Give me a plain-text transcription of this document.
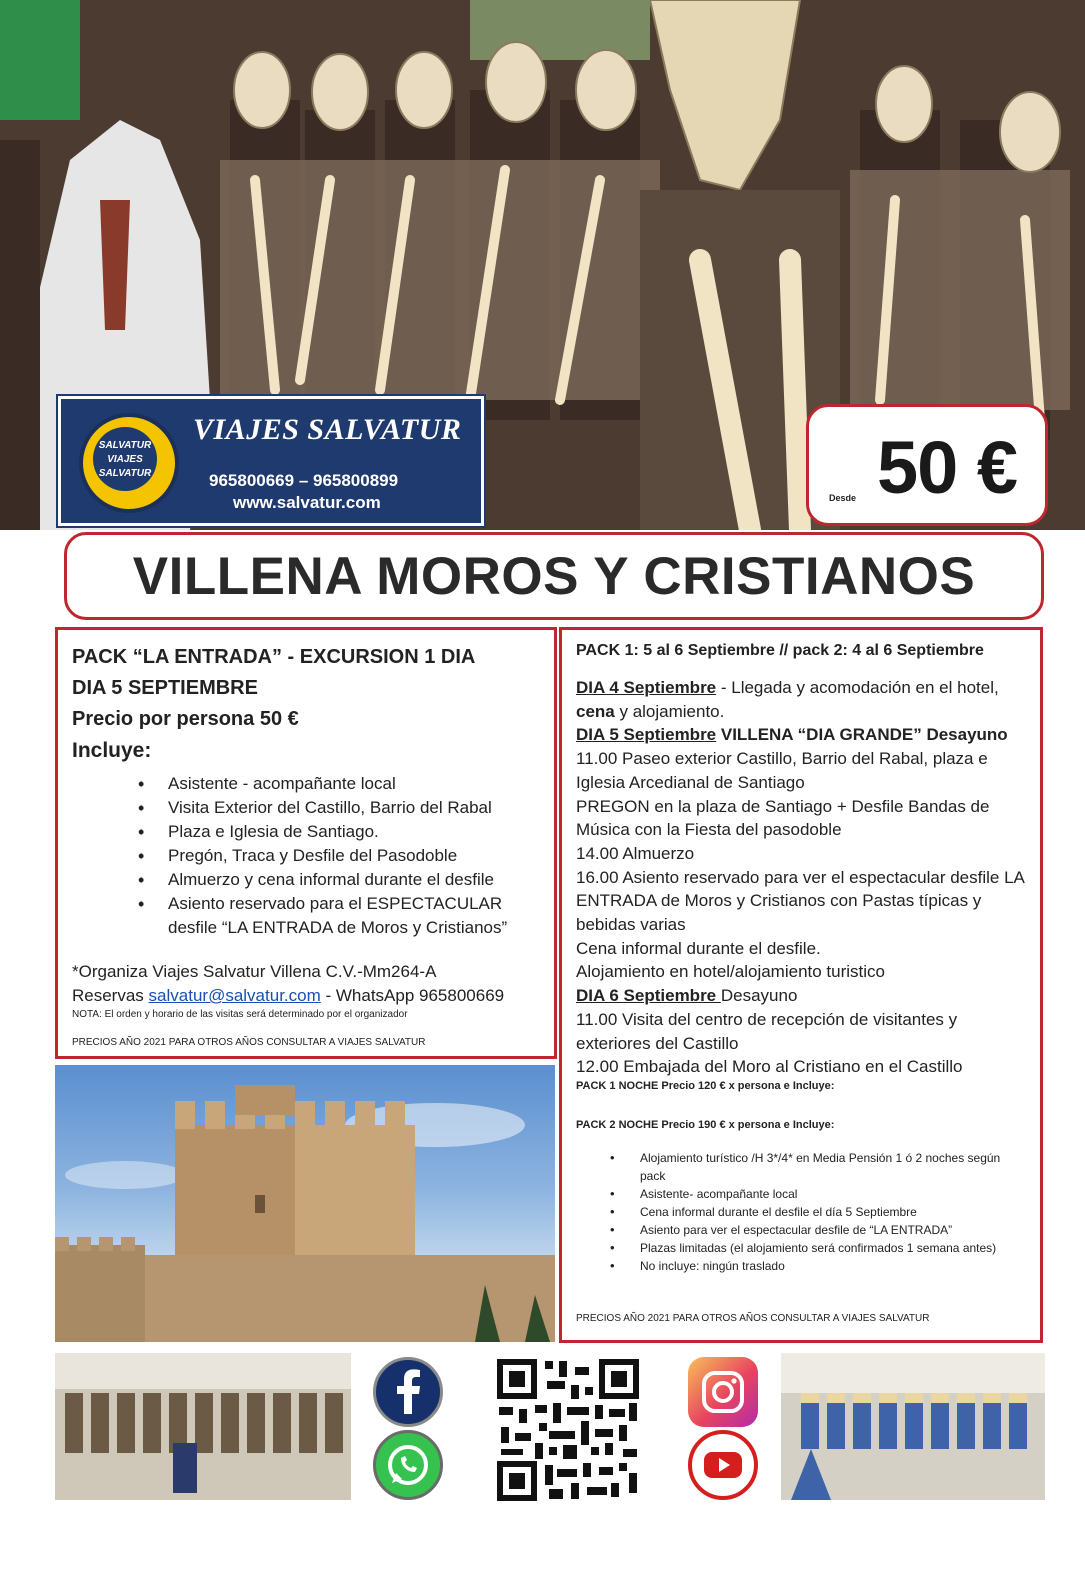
SALVATUR VIAJES SALVATUR
VIAJES SALVATUR
965800669 – 965800899
www.salvatur.com	Desde 50 €
VILLENA MOROS Y CRISTIANOS
PACK “LA ENTRADA” - EXCURSION 1 DIA
DIA 5 SEPTIEMBRE
Precio por persona 50 €
Incluye:
• Asistente - acompañante local
• Visita Exterior del Castillo, Barrio del Rabal
• Plaza e Iglesia de Santiago.
• Pregón, Traca y Desfile del Pasodoble
• Almuerzo y cena informal durante el desfile
• Asiento reservado para el ESPECTACULAR desfile “LA ENTRADA de Moros y Cristianos”
*Organiza Viajes Salvatur Villena C.V.-Mm264-A
Reservas salvatur@salvatur.com - WhatsApp 965800669
NOTA: El orden y horario de las visitas será determinado por el organizador
PRECIOS AÑO 2021 PARA OTROS AÑOS CONSULTAR A VIAJES SALVATUR
PACK 1: 5 al 6 Septiembre // pack 2: 4 al 6 Septiembre

DIA 4 Septiembre - Llegada y acomodación en el hotel,

cena y alojamiento.

DIA 5 Septiembre VILLENA “DIA GRANDE” Desayuno

11.00 Paseo exterior Castillo, Barrio del Rabal, plaza e Iglesia Arcedianal de Santiago

PREGON en la plaza de Santiago + Desfile Bandas de Música con la Fiesta del pasodoble

14.00 Almuerzo

16.00 Asiento reservado para ver el espectacular desfile LA ENTRADA de Moros y Cristianos con Pastas típicas y bebidas varias

Cena informal durante el desfile.

Alojamiento en hotel/alojamiento turistico

DIA 6 Septiembre Desayuno

11.00 Visita del centro de recepción de visitantes y exteriores del Castillo

12.00 Embajada del Moro al Cristiano en el Castillo

PACK 1 NOCHE Precio 120 € x persona e Incluye:

PACK 2 NOCHE Precio 190 € x persona e Incluye:

• Alojamiento turístico /H 3*/4* en Media Pensión 1 ó 2 noches según pack
• Asistente- acompañante local
• Cena informal durante el desfile el día 5 Septiembre
• Asiento para ver el espectacular desfile de “LA ENTRADA”
• Plazas limitadas (el alojamiento será confirmados 1 semana antes)
• No incluye: ningún traslado
PRECIOS AÑO 2021 PARA OTROS AÑOS CONSULTAR A VIAJES SALVATUR
